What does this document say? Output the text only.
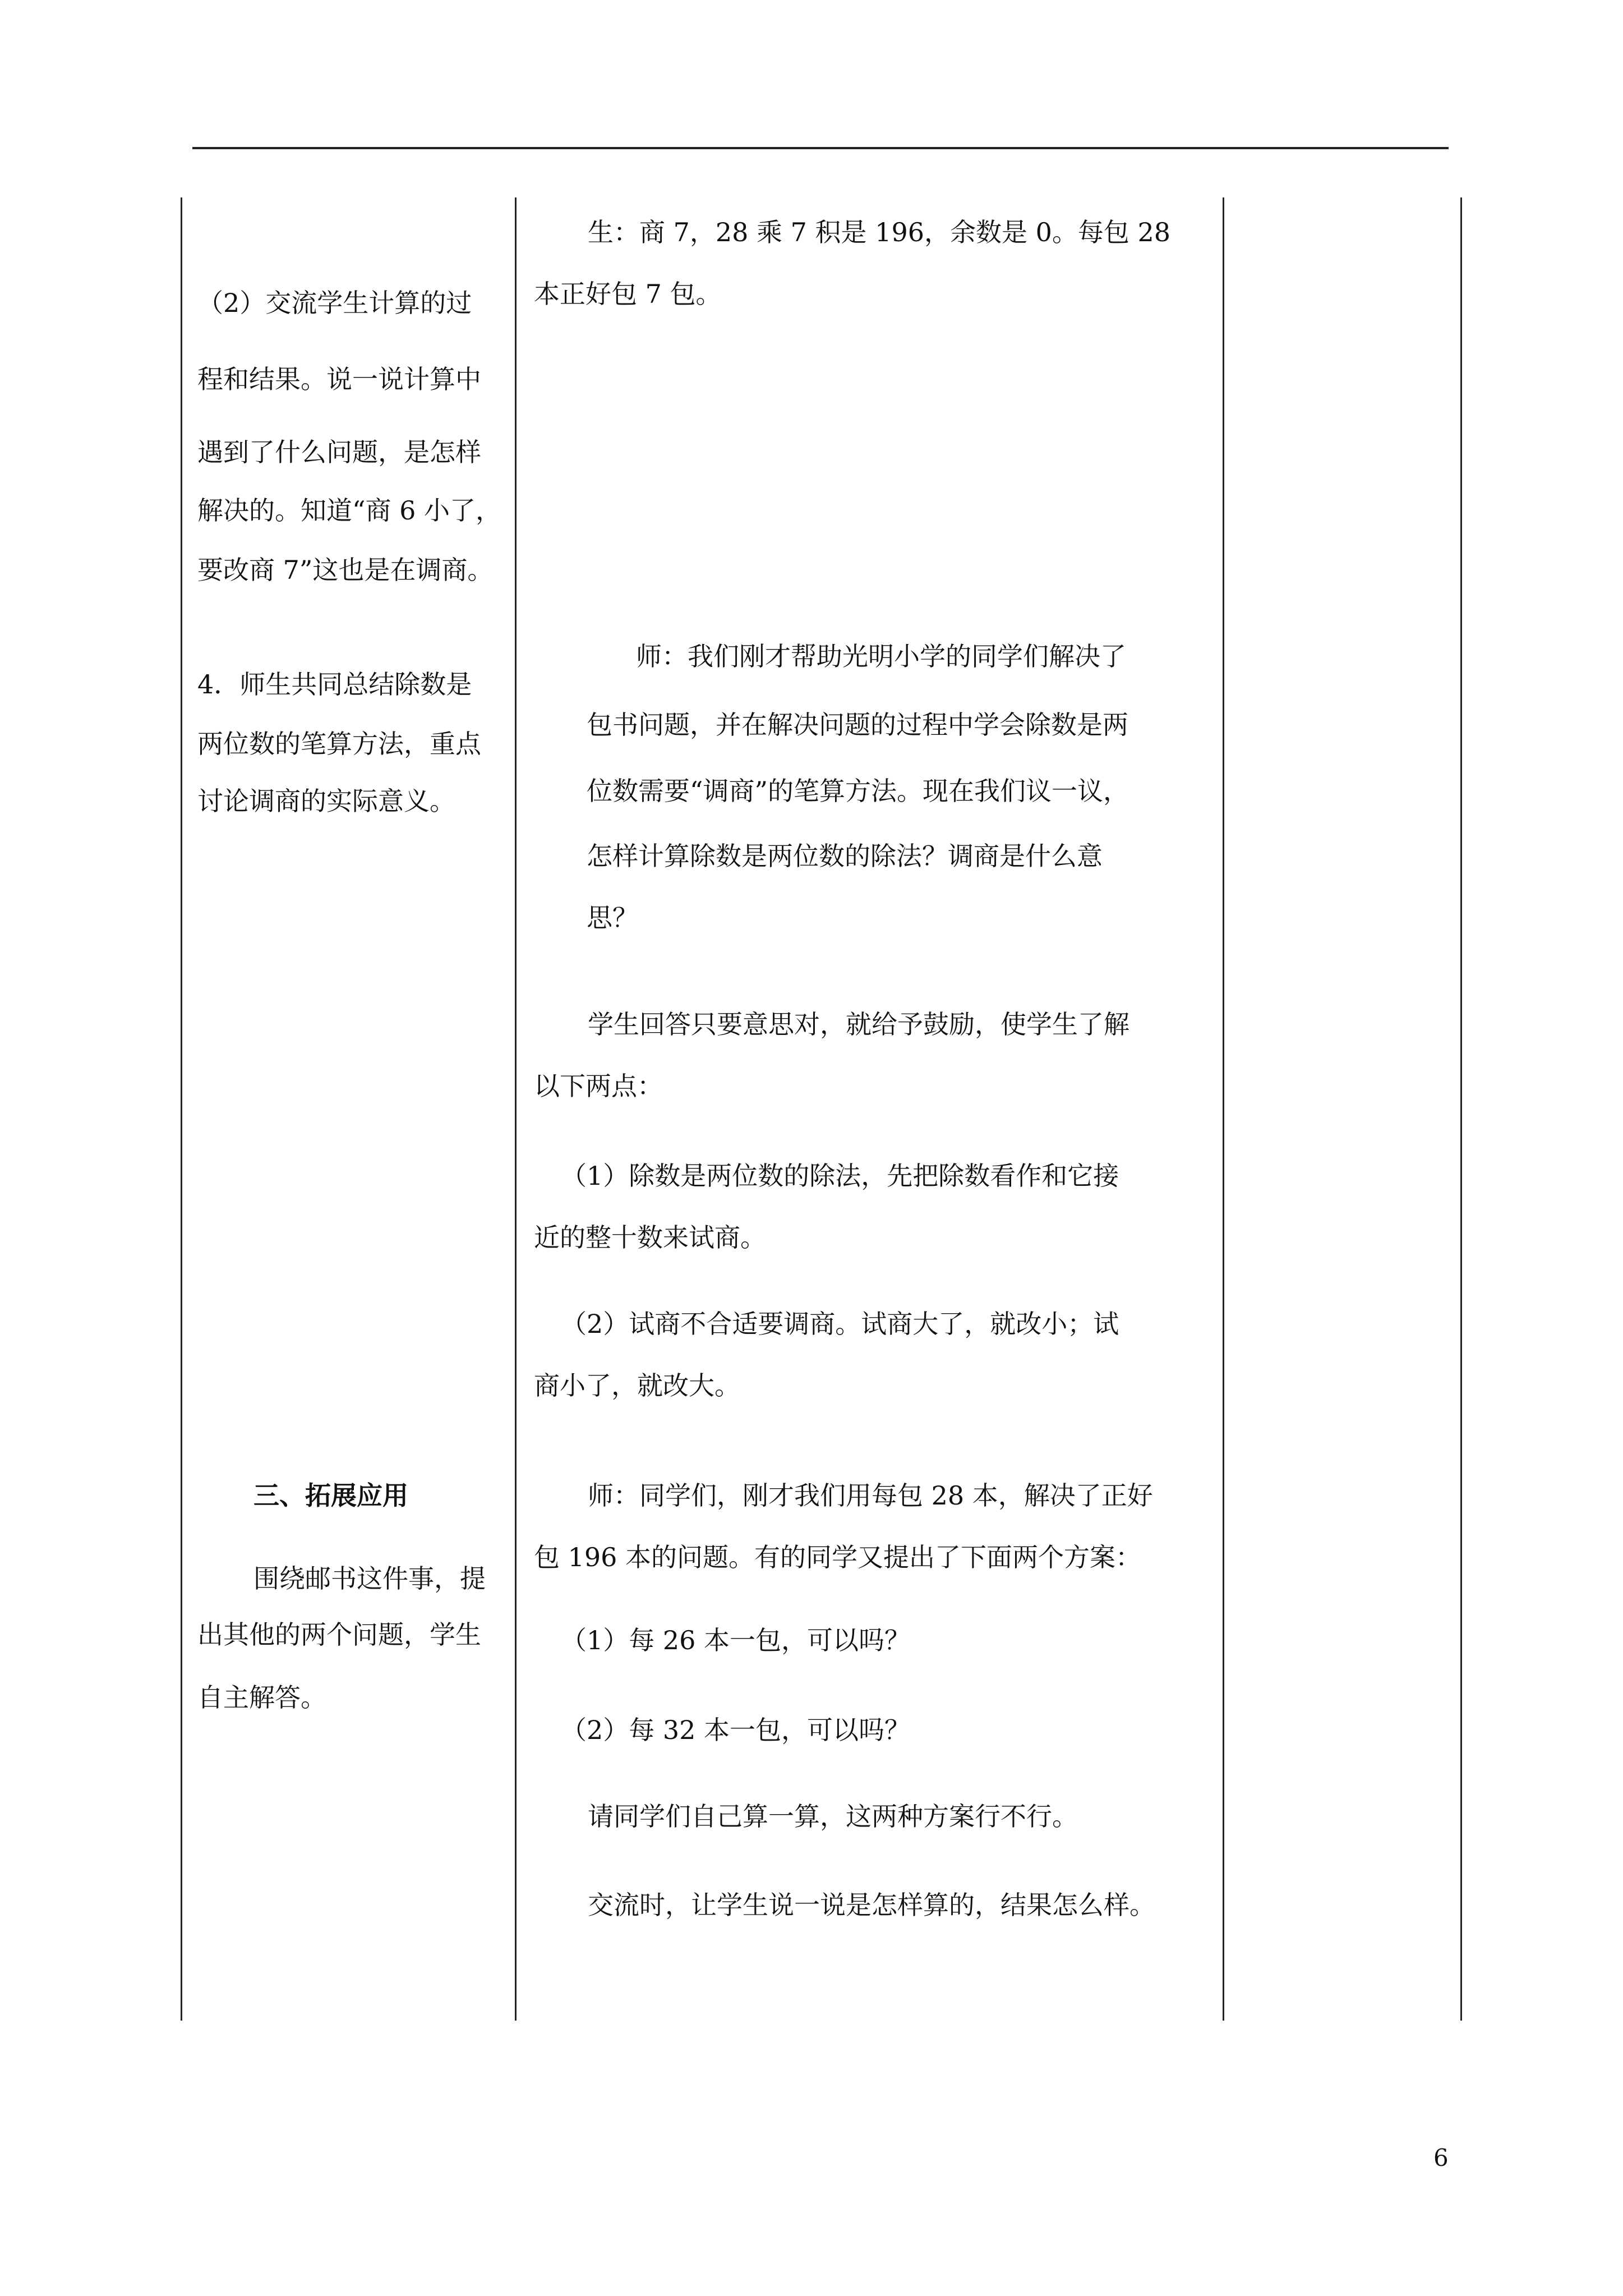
（2）交流学生计算的过

程和结果。说一说计算中

遇到了什么问题，是怎样

解决的。知道“商 6 小了，

要改商 7”这也是在调商。

4．师生共同总结除数是

两位数的笔算方法，重点

讨论调商的实际意义。

三、拓展应用

围绕邮书这件事，提

出其他的两个问题，学生

自主解答。

生：商 7，28 乘 7 积是 196，余数是 0。每包 28

本正好包 7 包。

师：我们刚才帮助光明小学的同学们解决了

包书问题，并在解决问题的过程中学会除数是两

位数需要“调商”的笔算方法。现在我们议一议，

怎样计算除数是两位数的除法？调商是什么意

思？

学生回答只要意思对，就给予鼓励，使学生了解

以下两点：

（1）除数是两位数的除法，先把除数看作和它接

近的整十数来试商。

（2）试商不合适要调商。试商大了，就改小；试

商小了，就改大。

师：同学们，刚才我们用每包 28 本，解决了正好

包 196 本的问题。有的同学又提出了下面两个方案：

（1）每 26 本一包，可以吗？

（2）每 32 本一包，可以吗？

请同学们自己算一算，这两种方案行不行。

交流时，让学生说一说是怎样算的，结果怎么样。

6
